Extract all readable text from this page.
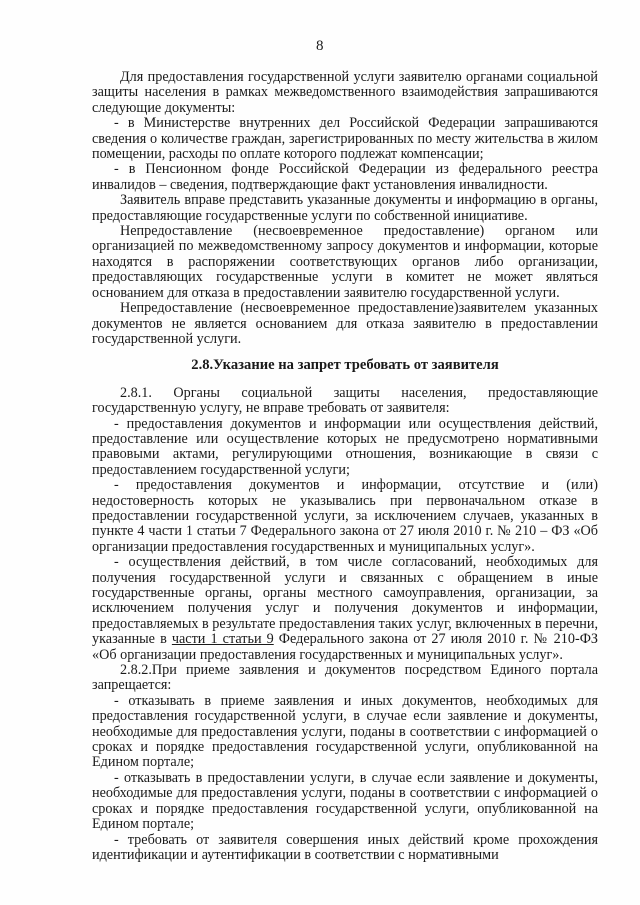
8

Для предоставления государственной услуги заявителю органами социальной защиты населения в рамках межведомственного взаимодействия запрашиваются следующие документы:

- в Министерстве внутренних дел Российской Федерации запрашиваются сведения о количестве граждан, зарегистрированных по месту жительства в жилом помещении, расходы по оплате которого подлежат компенсации;

- в Пенсионном фонде Российской Федерации из федерального реестра инвалидов – сведения, подтверждающие факт установления инвалидности.

Заявитель вправе представить указанные документы и информацию в органы, предоставляющие государственные услуги по собственной инициативе.

Непредоставление (несвоевременное предоставление) органом или организацией по межведомственному запросу документов и информации, которые находятся в распоряжении соответствующих органов либо организации, предоставляющих государственные услуги в комитет не может являться основанием для отказа в предоставлении заявителю государственной услуги.

Непредоставление (несвоевременное предоставление)заявителем указанных документов не является основанием для отказа заявителю в предоставлении государственной услуги.

2.8.Указание на запрет требовать от заявителя

2.8.1. Органы социальной защиты населения, предоставляющие государственную услугу, не вправе требовать от заявителя:

- предоставления документов и информации или осуществления действий, предоставление или осуществление которых не предусмотрено нормативными правовыми актами, регулирующими отношения, возникающие в связи с предоставлением государственной услуги;

- предоставления документов и информации, отсутствие и (или) недостоверность которых не указывались при первоначальном отказе в предоставлении государственной услуги, за исключением случаев, указанных в пункте 4 части 1 статьи 7 Федерального закона от 27 июля 2010 г. № 210 – ФЗ «Об организации предоставления государственных и муниципальных услуг».

- осуществления действий, в том числе согласований, необходимых для получения государственной услуги и связанных с обращением в иные государственные органы, органы местного самоуправления, организации, за исключением получения услуг и получения документов и информации, предоставляемых в результате предоставления таких услуг, включенных в перечни, указанные в части 1 статьи 9 Федерального закона от 27 июля 2010 г. № 210-ФЗ «Об организации предоставления государственных и муниципальных услуг».

2.8.2.При приеме заявления и документов посредством Единого портала запрещается:

- отказывать в приеме заявления и иных документов, необходимых для предоставления государственной услуги, в случае если заявление и документы, необходимые для предоставления услуги, поданы в соответствии с информацией о сроках и порядке предоставления государственной услуги, опубликованной на Едином портале;

- отказывать в предоставлении услуги, в случае если заявление и документы, необходимые для предоставления услуги, поданы в соответствии с информацией о сроках и порядке предоставления государственной услуги, опубликованной на Едином портале;

- требовать от заявителя совершения иных действий кроме прохождения идентификации и аутентификации в соответствии с нормативными
